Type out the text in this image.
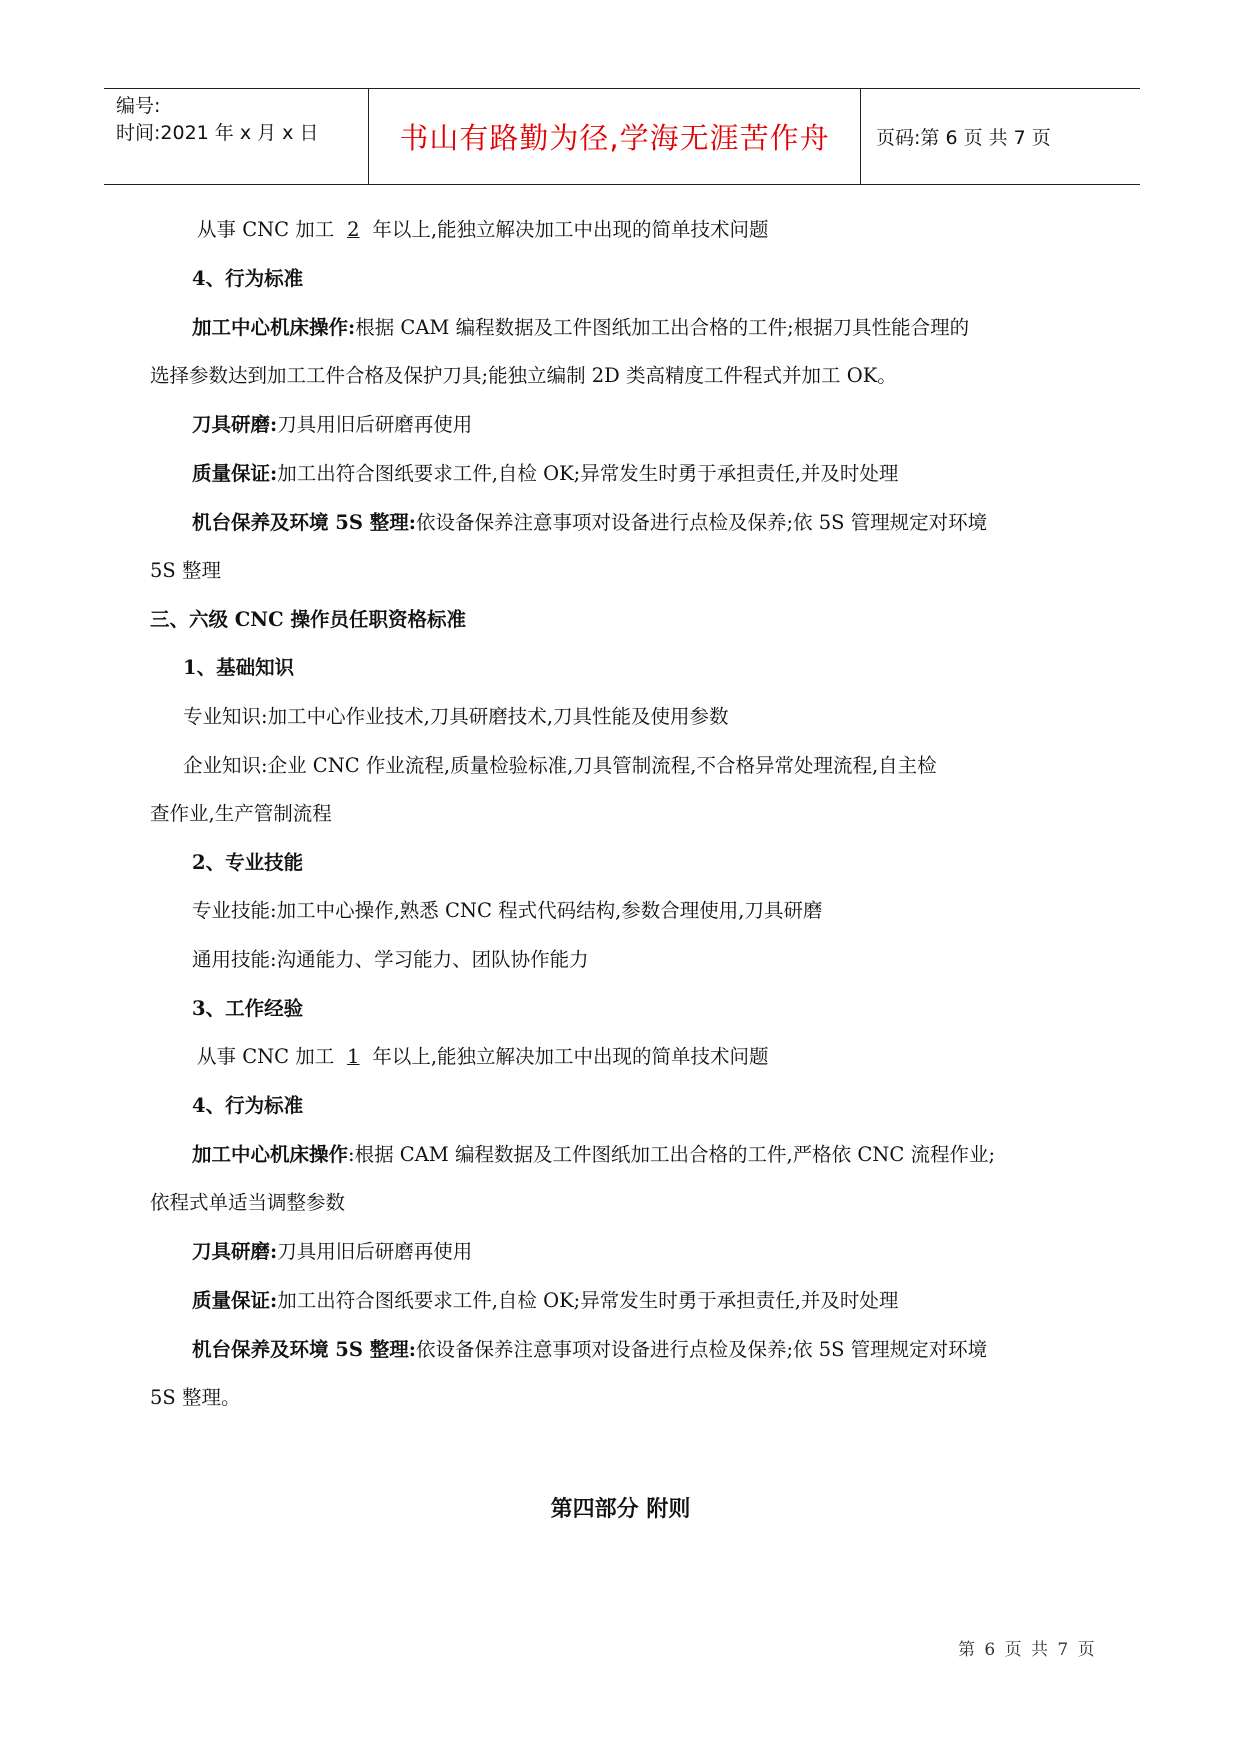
编号:
时间:2021 年 x 月 x 日	书山有路勤为径,学海无涯苦作舟	页码:第 6 页 共 7 页
从事 CNC 加工 2 年以上,能独立解决加工中出现的简单技术问题
4、行为标准
加工中心机床操作:根据 CAM 编程数据及工件图纸加工出合格的工件;根据刀具性能合理的
选择参数达到加工工件合格及保护刀具;能独立编制 2D 类高精度工件程式并加工 OK。
刀具研磨:刀具用旧后研磨再使用
质量保证:加工出符合图纸要求工件,自检 OK;异常发生时勇于承担责任,并及时处理
机台保养及环境 5S 整理:依设备保养注意事项对设备进行点检及保养;依 5S 管理规定对环境
5S 整理
三、六级 CNC 操作员任职资格标准
1、基础知识
专业知识:加工中心作业技术,刀具研磨技术,刀具性能及使用参数
企业知识:企业 CNC 作业流程,质量检验标准,刀具管制流程,不合格异常处理流程,自主检
查作业,生产管制流程
2、专业技能
专业技能:加工中心操作,熟悉 CNC 程式代码结构,参数合理使用,刀具研磨
通用技能:沟通能力、学习能力、团队协作能力
3、工作经验
从事 CNC 加工 1 年以上,能独立解决加工中出现的简单技术问题
4、行为标准
加工中心机床操作:根据 CAM 编程数据及工件图纸加工出合格的工件,严格依 CNC 流程作业;
依程式单适当调整参数
刀具研磨:刀具用旧后研磨再使用
质量保证:加工出符合图纸要求工件,自检 OK;异常发生时勇于承担责任,并及时处理
机台保养及环境 5S 整理:依设备保养注意事项对设备进行点检及保养;依 5S 管理规定对环境
5S 整理。
第四部分 附则
第 6 页 共 7 页
